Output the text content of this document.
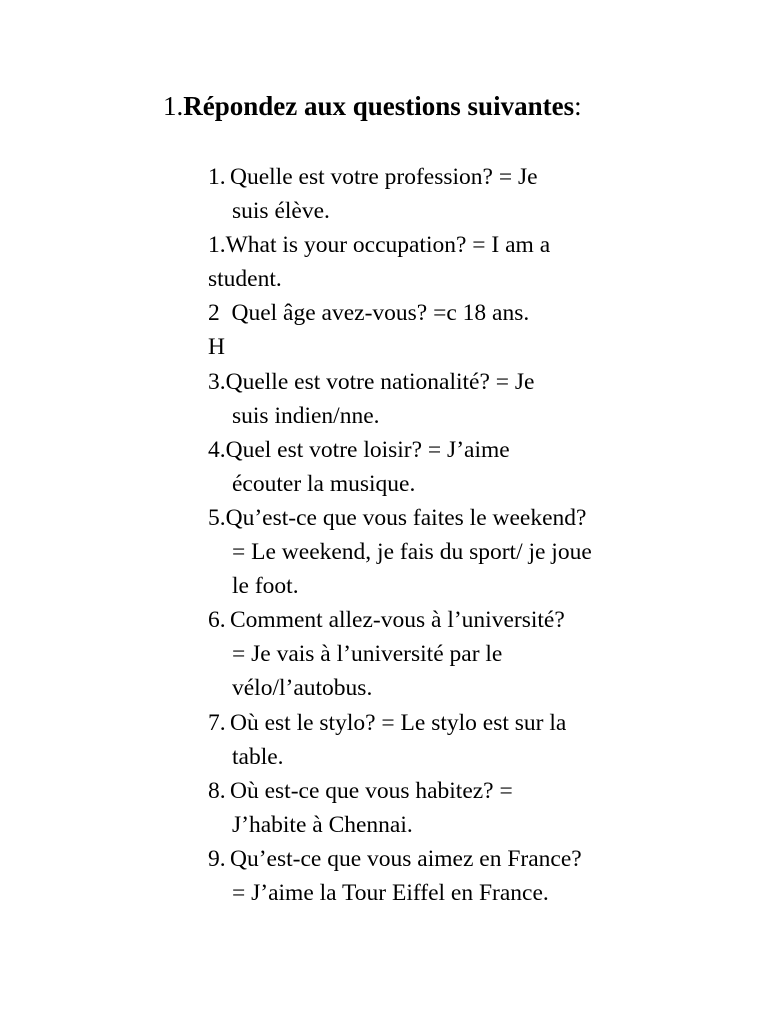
1.Répondez aux questions suivantes:
1. Quelle est votre profession? = Je
suis élève.
1.What is your occupation? = I am a
student.
2  Quel âge avez-vous? =c 18 ans.
H
3.Quelle est votre nationalité? = Je
suis indien/nne.
4.Quel est votre loisir? = J’aime
écouter la musique.
5.Qu’est-ce que vous faites le weekend?
= Le weekend, je fais du sport/ je joue
le foot.
6. Comment allez-vous à l’université?
= Je vais à l’université par le
vélo/l’autobus.
7. Où est le stylo? = Le stylo est sur la
table.
8. Où est-ce que vous habitez? =
J’habite à Chennai.
9. Qu’est-ce que vous aimez en France?
= J’aime la Tour Eiffel en France.
